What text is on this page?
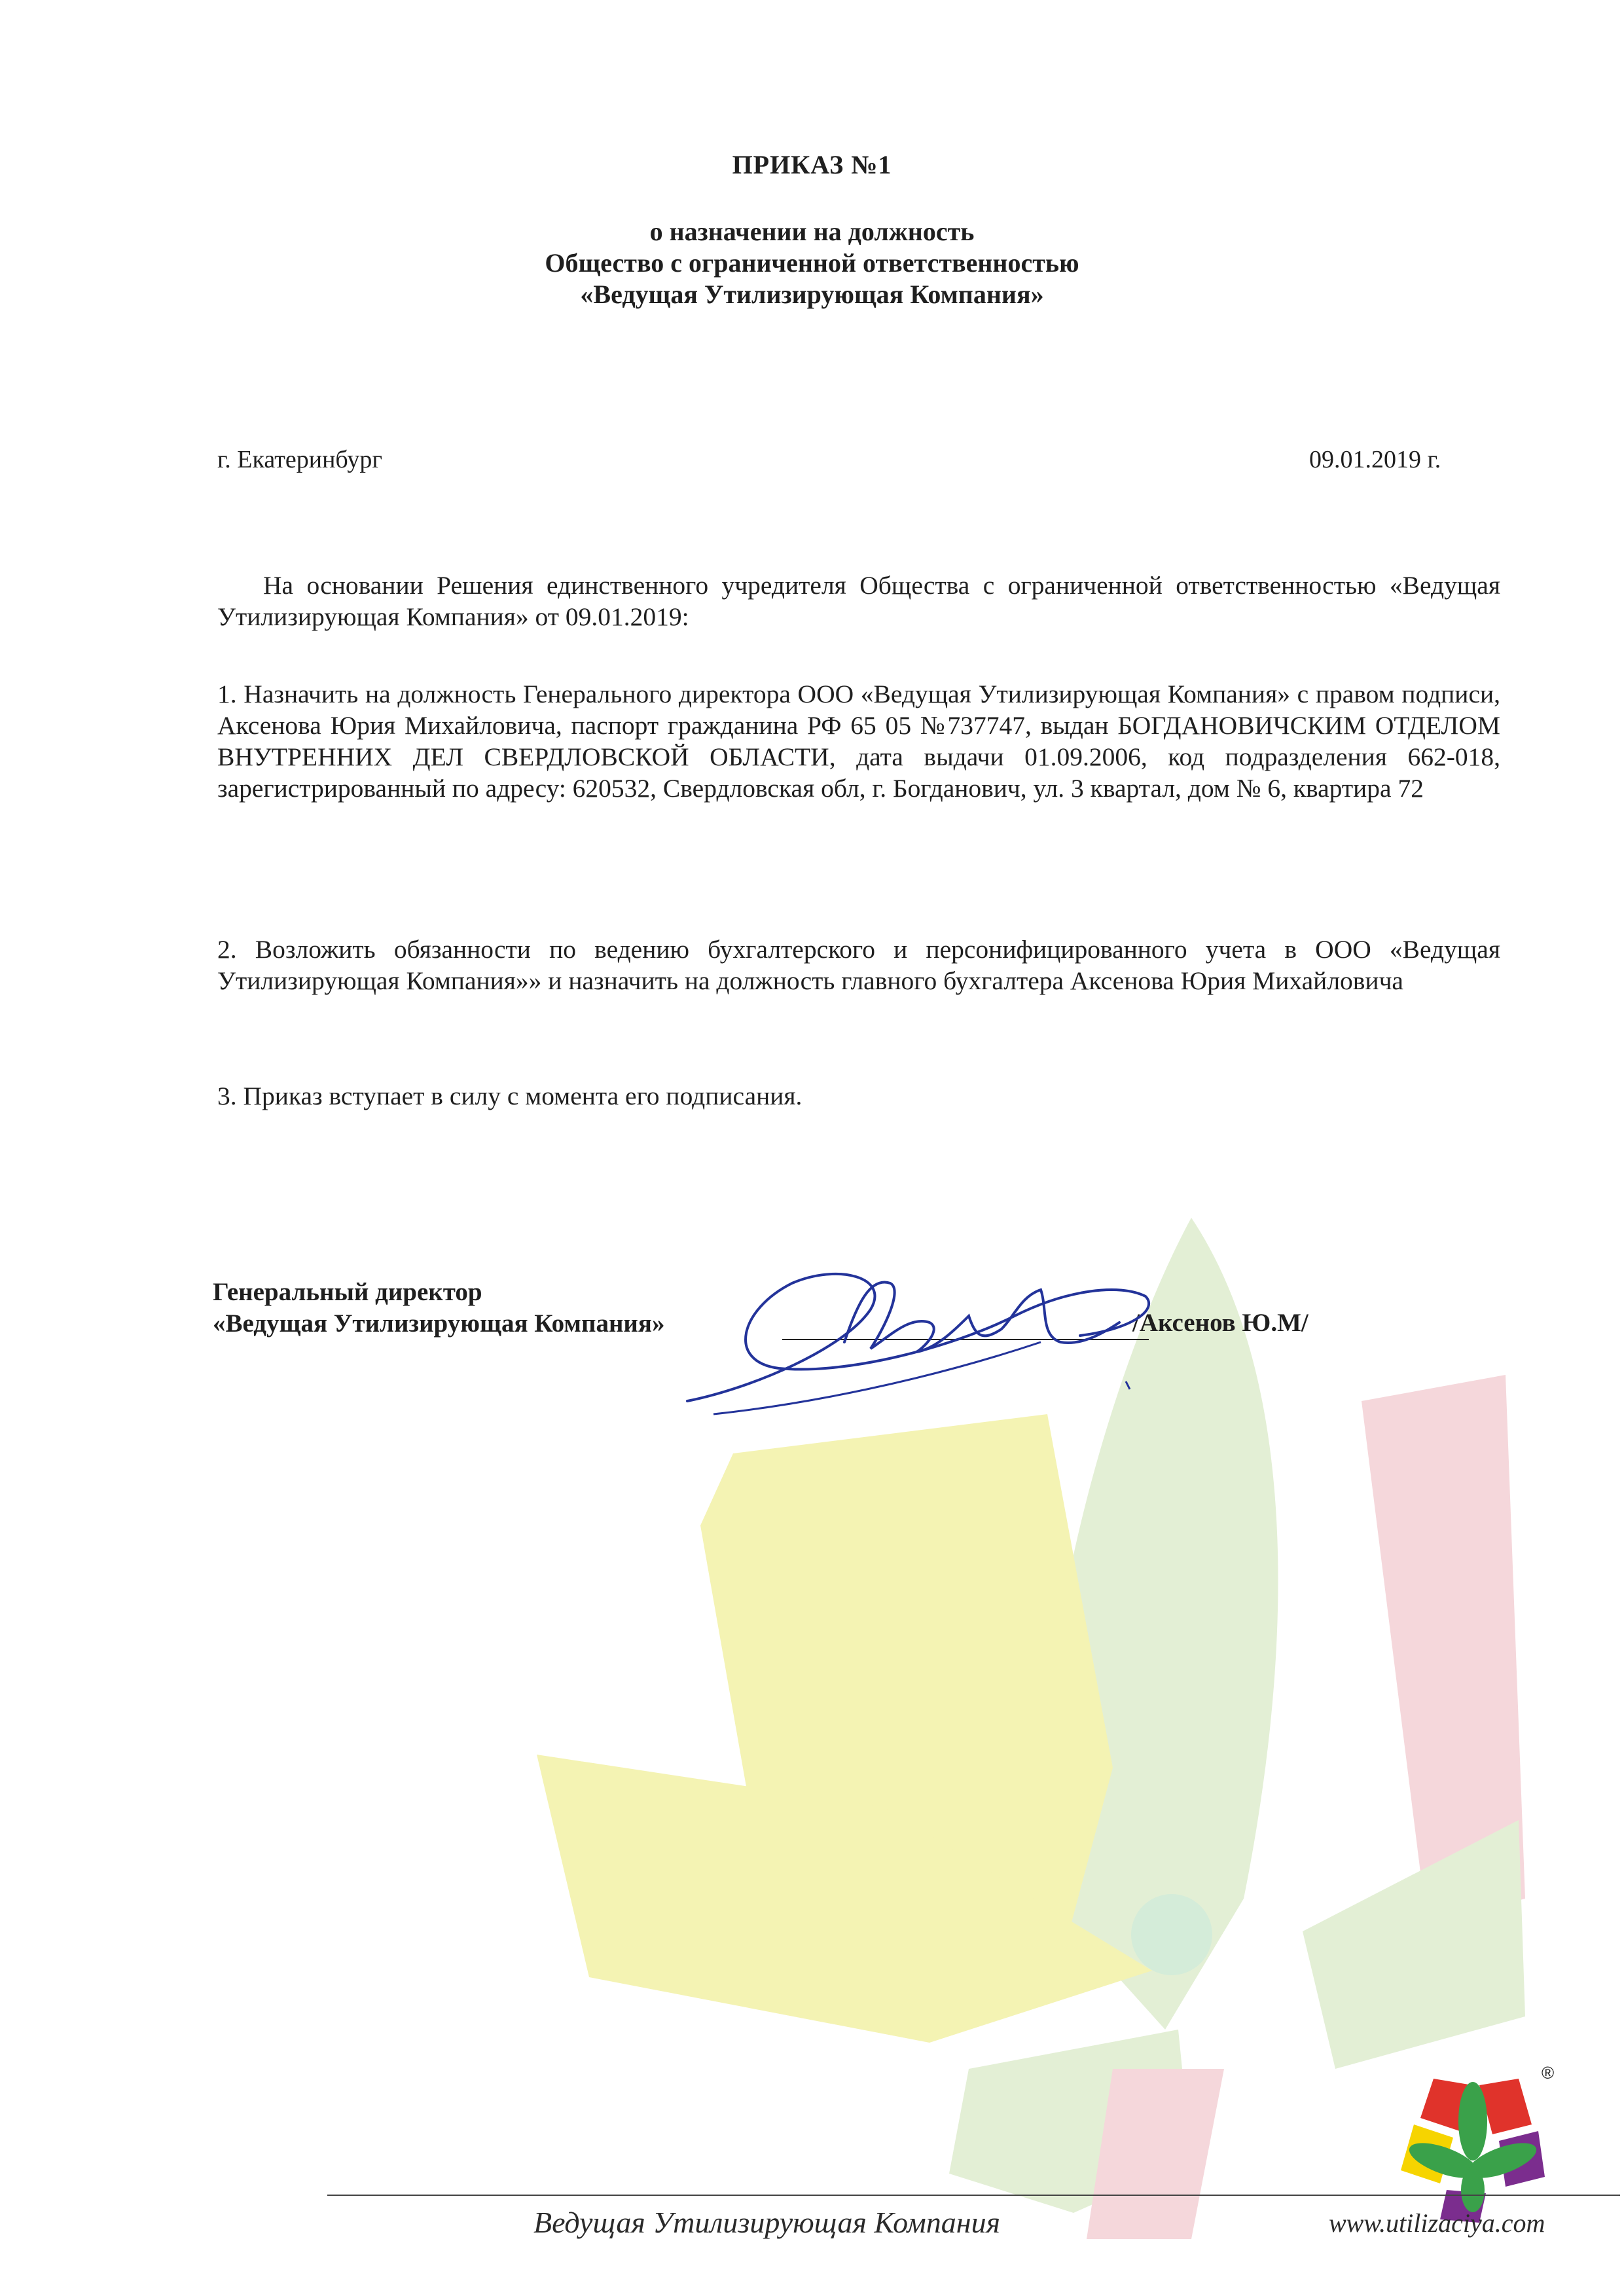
ПРИКАЗ №1
о назначении на должность
Общество с ограниченной ответственностью
«Ведущая Утилизирующая Компания»
г. Екатеринбург	09.01.2019 г.
На основании Решения единственного учредителя Общества с ограниченной ответственностью «Ведущая Утилизирующая Компания» от 09.01.2019:
1. Назначить на должность Генерального директора ООО «Ведущая Утилизирующая Компания» с правом подписи, Аксенова Юрия Михайловича, паспорт гражданина РФ 65 05 №737747, выдан БОГДАНОВИЧСКИМ ОТДЕЛОМ ВНУТРЕННИХ ДЕЛ СВЕРДЛОВСКОЙ ОБЛАСТИ, дата выдачи 01.09.2006, код подразделения 662-018, зарегистрированный по адресу: 620532, Свердловская обл, г. Богданович, ул. 3 квартал, дом № 6, квартира 72
2. Возложить обязанности по ведению бухгалтерского и персонифицированного учета в ООО «Ведущая Утилизирующая Компания»» и назначить на должность главного бухгалтера Аксенова Юрия Михайловича
3. Приказ вступает в силу с момента его подписания.
Генеральный директор
«Ведущая Утилизирующая Компания»	/Аксенов Ю.М/
®
Ведущая Утилизирующая Компания	www.utilizaciya.com
